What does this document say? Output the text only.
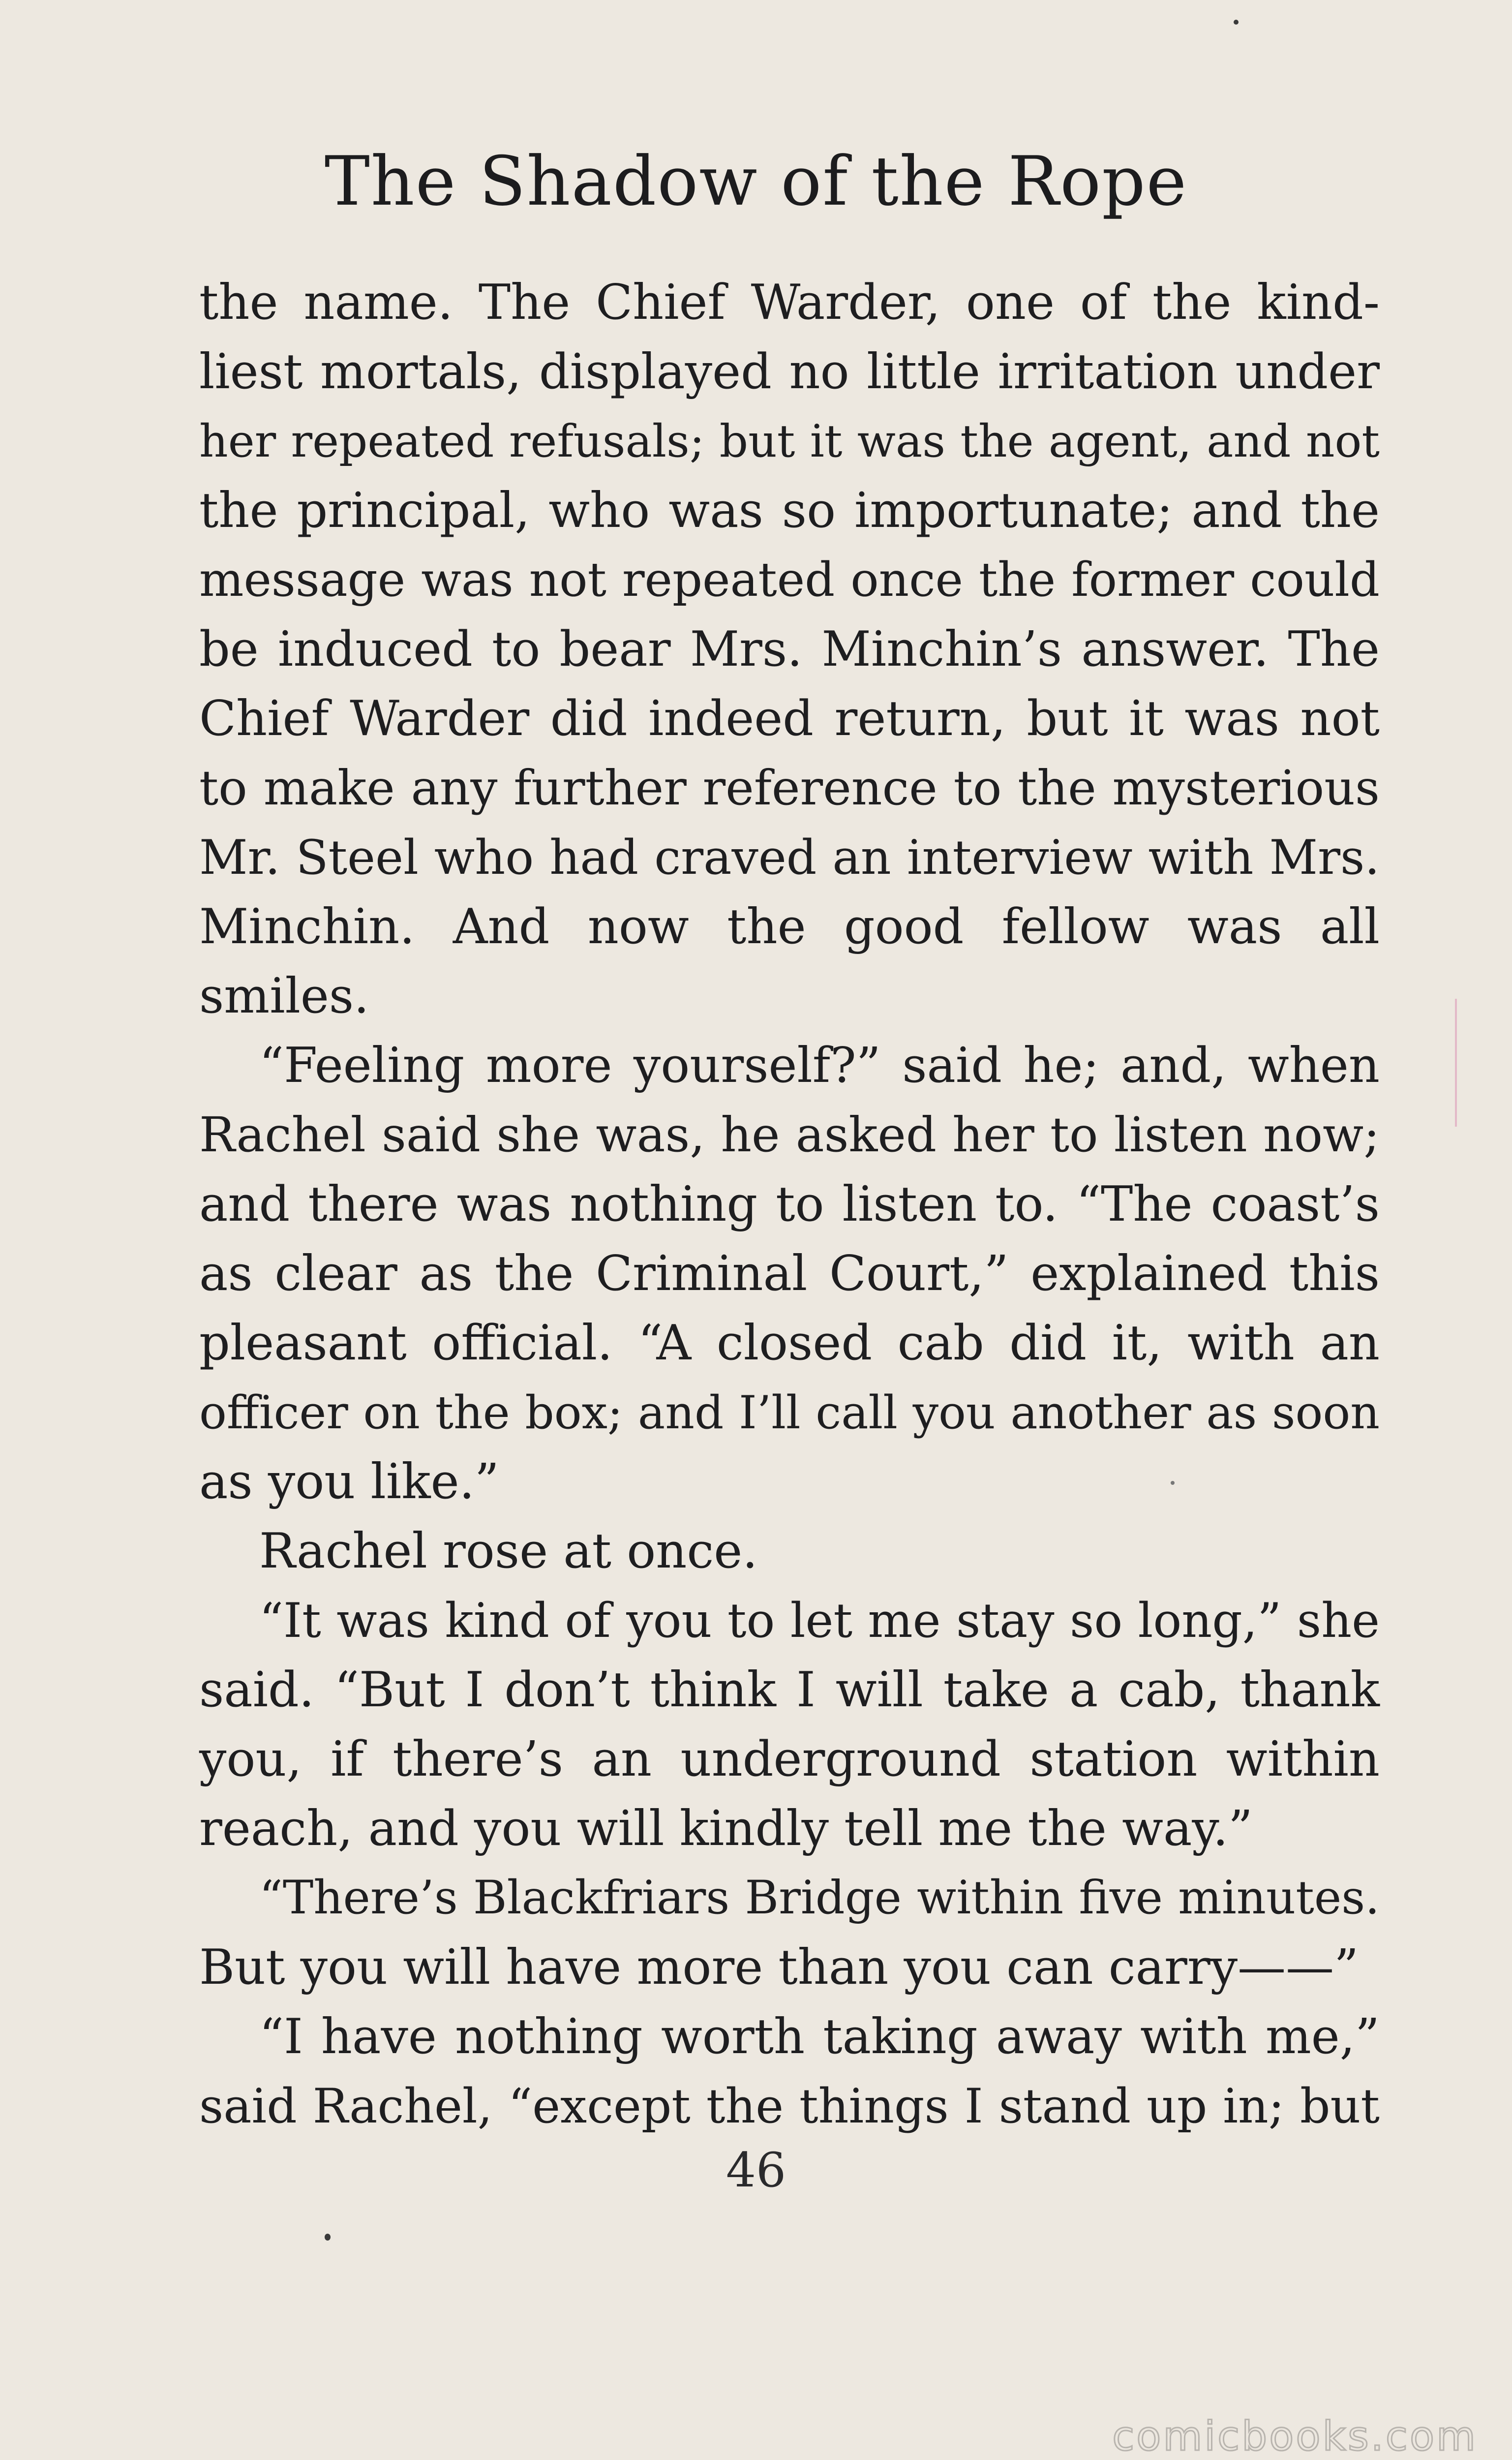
The Shadow of the Rope
the name. The Chief Warder, one of the kind-
liest mortals, displayed no little irritation under
her repeated refusals; but it was the agent, and not
the principal, who was so importunate; and the
message was not repeated once the former could
be induced to bear Mrs. Minchin’s answer. The
Chief Warder did indeed return, but it was not
to make any further reference to the mysterious
Mr. Steel who had craved an interview with Mrs.
Minchin. And now the good fellow was all
smiles.
“Feeling more yourself?” said he; and, when
Rachel said she was, he asked her to listen now;
and there was nothing to listen to. “The coast’s
as clear as the Criminal Court,” explained this
pleasant official. “A closed cab did it, with an
officer on the box; and I’ll call you another as soon
as you like.”
Rachel rose at once.
“It was kind of you to let me stay so long,” she
said. “But I don’t think I will take a cab, thank
you, if there’s an underground station within
reach, and you will kindly tell me the way.”
“There’s Blackfriars Bridge within five minutes.
But you will have more than you can carry——”
“I have nothing worth taking away with me,”
said Rachel, “except the things I stand up in; but
46
comicbooks.com
